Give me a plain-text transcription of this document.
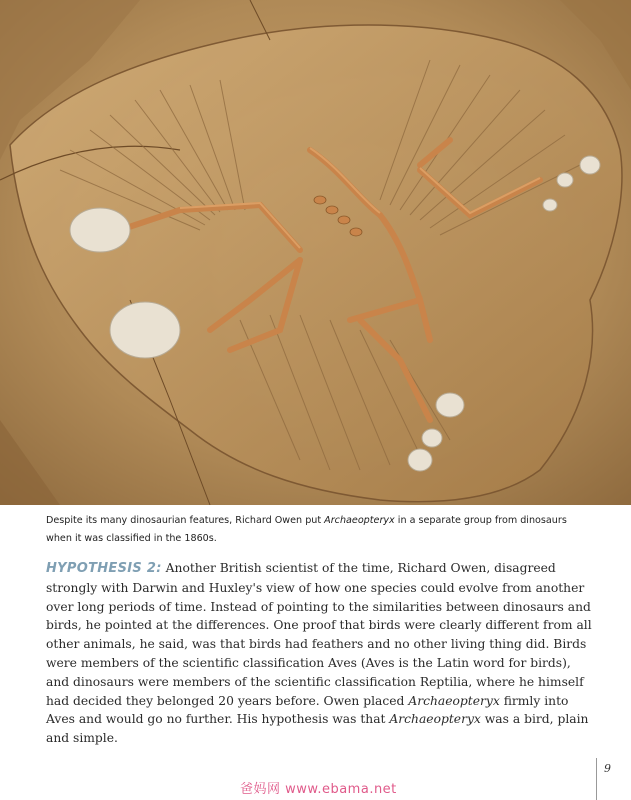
Despite its many dinosaurian features, Richard Owen put Archaeopteryx in a separate group from dinosaurs when it was classified in the 1860s.
HYPOTHESIS 2: Another British scientist of the time, Richard Owen, disagreed strongly with Darwin and Huxley's view of how one species could evolve from another over long periods of time. Instead of pointing to the similarities between dinosaurs and birds, he pointed at the differences. One proof that birds were clearly different from all other animals, he said, was that birds had feathers and no other living thing did. Birds were members of the scientific classification Aves (Aves is the Latin word for birds), and dinosaurs were members of the scientific classification Reptilia, where he himself had decided they belonged 20 years before. Owen placed Archaeopteryx firmly into Aves and would go no further. His hypothesis was that Archaeopteryx was a bird, plain and simple.
9
爸妈网 www.ebama.net
